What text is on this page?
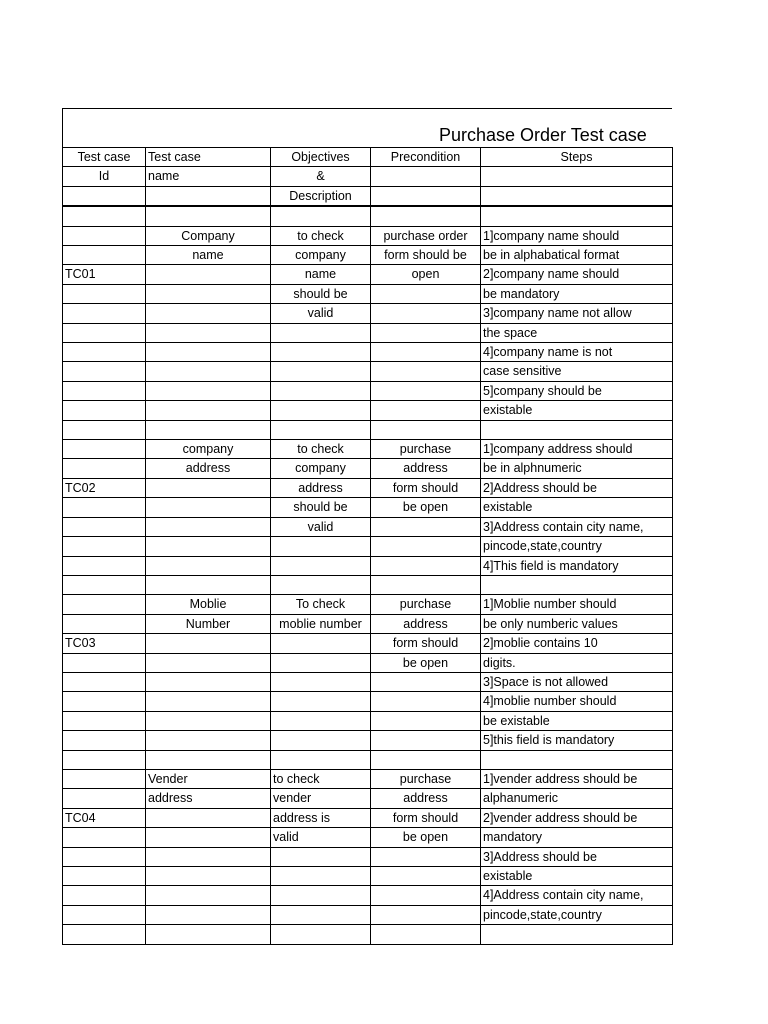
Purchase Order Test case
Test case	Test case	Objectives	Precondition	Steps
Id	name	&		
		Description		

	Company	to check	purchase order	1]company name should
	name	company	form should be	be in alphabatical format
TC01		name	open	2]company name should
		should be		be mandatory
		valid		3]company name not allow
				the space
				4]company name is not
				case sensitive
				5]company should be
				existable

	company	to check	purchase	1]company address should
	address	company	address	be in alphnumeric
TC02		address	form should	2]Address should be
		should be	be open	existable
		valid		3]Address contain city name,
				pincode,state,country
				4]This field is mandatory

	Moblie	To check	purchase	1]Moblie number should
	Number	moblie number	address	be only numberic values
TC03			form should	2]moblie contains 10
			be open	digits.
				3]Space is not allowed
				4]moblie number should
				be existable
				5]this field is mandatory

	Vender	to check	purchase	1]vender address should be
	address	vender	address	alphanumeric
TC04		address is	form should	2]vender address should be
		valid	be open	mandatory
				3]Address should be
				existable
				4]Address contain city name,
				pincode,state,country
